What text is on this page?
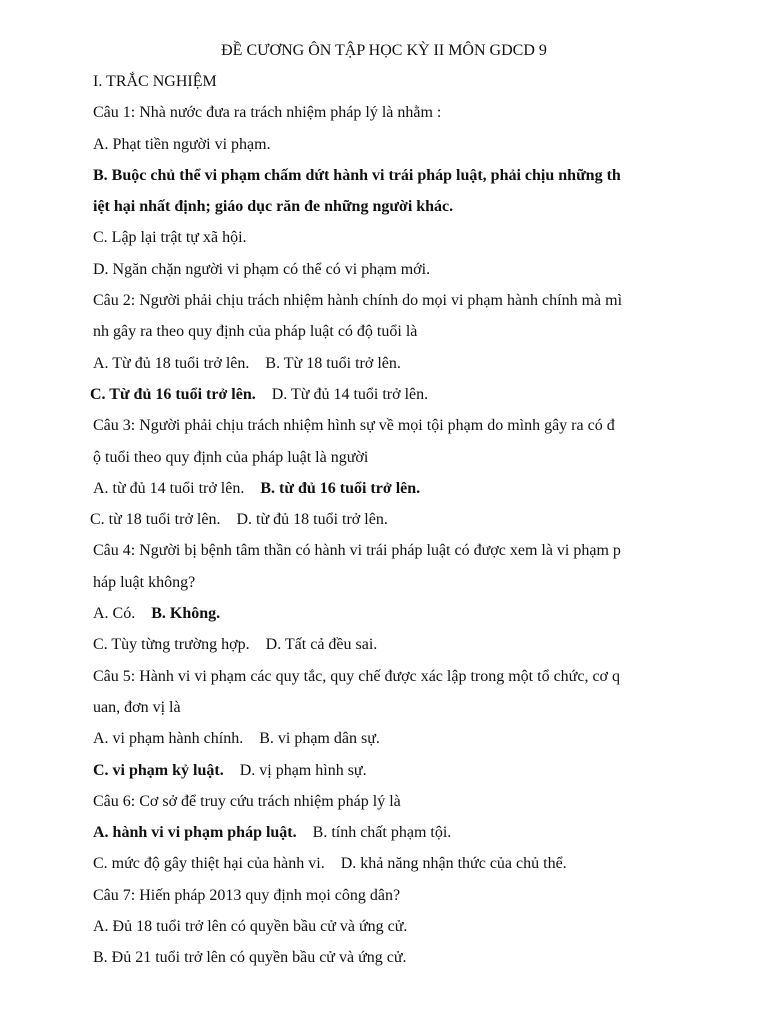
ĐỀ CƯƠNG ÔN TẬP HỌC KỲ II MÔN GDCD 9
I. TRẮC NGHIỆM
Câu 1: Nhà nước đưa ra trách nhiệm pháp lý là nhằm :
A. Phạt tiền người vi phạm.
B. Buộc chủ thể vi phạm chấm dứt hành vi trái pháp luật, phải chịu những th
iệt hại nhất định; giáo dục răn đe những người khác.
C. Lập lại trật tự xã hội.
D. Ngăn chặn người vi phạm có thể có vi phạm mới.
Câu 2: Người phải chịu trách nhiệm hành chính do mọi vi phạm hành chính mà mì
nh gây ra theo quy định của pháp luật có độ tuổi là
A. Từ đủ 18 tuổi trở lên. B. Từ 18 tuổi trở lên.
C. Từ đủ 16 tuổi trở lên. D. Từ đủ 14 tuổi trở lên.
Câu 3: Người phải chịu trách nhiệm hình sự về mọi tội phạm do mình gây ra có đ
ộ tuổi theo quy định của pháp luật là người
A. từ đủ 14 tuổi trở lên. B. từ đủ 16 tuổi trở lên.
C. từ 18 tuổi trở lên. D. từ đủ 18 tuổi trở lên.
Câu 4: Người bị bệnh tâm thần có hành vi trái pháp luật có được xem là vi phạm p
háp luật không?
A. Có. B. Không.
C. Tùy từng trường hợp. D. Tất cả đều sai.
Câu 5: Hành vi vi phạm các quy tắc, quy chế được xác lập trong một tổ chức, cơ q
uan, đơn vị là
A. vi phạm hành chính. B. vi phạm dân sự.
C. vi phạm kỷ luật. D. vị phạm hình sự.
Câu 6: Cơ sở để truy cứu trách nhiệm pháp lý là
A. hành vi vi phạm pháp luật. B. tính chất phạm tội.
C. mức độ gây thiệt hại của hành vi. D. khả năng nhận thức của chủ thể.
Câu 7: Hiến pháp 2013 quy định mọi công dân?
A. Đủ 18 tuổi trở lên có quyền bầu cử và ứng cử.
B. Đủ 21 tuổi trở lên có quyền bầu cử và ứng cử.
